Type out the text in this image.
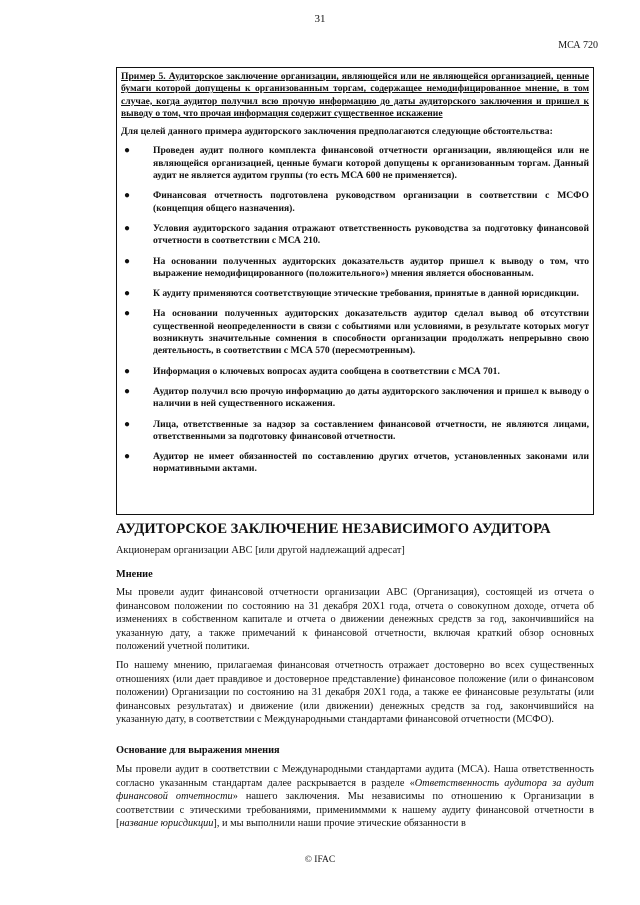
31
МСА 720

Пример 5. Аудиторское заключение организации, являющейся или не являющейся организацией, ценные бумаги которой допущены к организованным торгам, содержащее немодифицированное мнение, в том случае, когда аудитор получил всю прочую информацию до даты аудиторского заключения и пришел к выводу о том, что прочая информация содержит существенное искажение

Для целей данного примера аудиторского заключения предполагаются следующие обстоятельства:

● Проведен аудит полного комплекта финансовой отчетности организации, являющейся или не являющейся организацией, ценные бумаги которой допущены к организованным торгам. Данный аудит не является аудитом группы (то есть МСА 600 не применяется).
● Финансовая отчетность подготовлена руководством организации в соответствии с МСФО (концепция общего назначения).
● Условия аудиторского задания отражают ответственность руководства за подготовку финансовой отчетности в соответствии с МСА 210.
● На основании полученных аудиторских доказательств аудитор пришел к выводу о том, что выражение немодифицированного (положительного») мнения является обоснованным.
● К аудиту применяются соответствующие этические требования, принятые в данной юрисдикции.
● На основании полученных аудиторских доказательств аудитор сделал вывод об отсутствии существенной неопределенности в связи с событиями или условиями, в результате которых могут возникнуть значительные сомнения в способности организации продолжать непрерывно свою деятельность, в соответствии с МСА 570 (пересмотренным).
● Информация о ключевых вопросах аудита сообщена в соответствии с МСА 701.
● Аудитор получил всю прочую информацию до даты аудиторского заключения и пришел к выводу о наличии в ней существенного искажения.
● Лица, ответственные за надзор за составлением финансовой отчетности, не являются лицами, ответственными за подготовку финансовой отчетности.
● Аудитор не имеет обязанностей по составлению других отчетов, установленных законами или нормативными актами.
АУДИТОРСКОЕ ЗАКЛЮЧЕНИЕ НЕЗАВИСИМОГО АУДИТОРА
Акционерам организации АВС [или другой надлежащий адресат]
Мнение

Мы провели аудит финансовой отчетности организации АВС (Организация), состоящей из отчета о финансовом положении по состоянию на 31 декабря 20Х1 года, отчета о совокупном доходе, отчета об изменениях в собственном капитале и отчета о движении денежных средств за год, закончившийся на указанную дату, а также примечаний к финансовой отчетности, включая краткий обзор основных положений учетной политики.

По нашему мнению, прилагаемая финансовая отчетность отражает достоверно во всех существенных отношениях (или дает правдивое и достоверное представление) финансовое положение (или о финансовом положении) Организации по состоянию на 31 декабря 20Х1 года, а также ее финансовые результаты (или финансовых результатах) и движение (или движении) денежных средств за год, закончившийся на указанную дату, в соответствии с Международными стандартами финансовой отчетности (МСФО).

Основание для выражения мнения

Мы провели аудит в соответствии с Международными стандартами аудита (МСА). Наша ответственность согласно указанным стандартам далее раскрывается в разделе «Ответственность аудитора за аудит финансовой отчетности» нашего заключения. Мы независимы по отношению к Организации в соответствии с этическими требованиями, применимммми к нашему аудиту финансовой отчетности в [название юрисдикции], и мы выполнили наши прочие этические обязанности в

© IFAC
